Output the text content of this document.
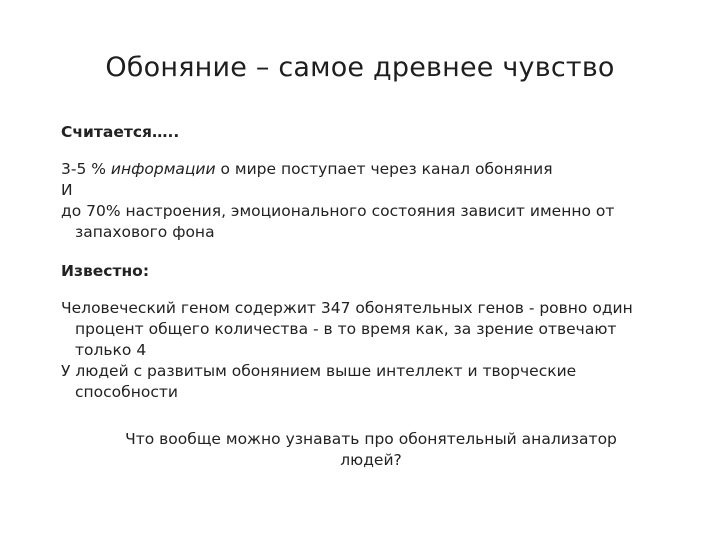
Обоняние – самое древнее чувство
Считается…..

3-5 % информации о мире поступает через канал обоняния

И

до 70% настроения, эмоционального состояния зависит именно от запахового фона

Известно:

Человеческий геном содержит 347 обонятельных генов - ровно один процент общего количества - в то время как, за зрение отвечают только 4

У людей с развитым обонянием выше интеллект и творческие способности

Что вообще можно узнавать про обонятельный анализатор людей?
